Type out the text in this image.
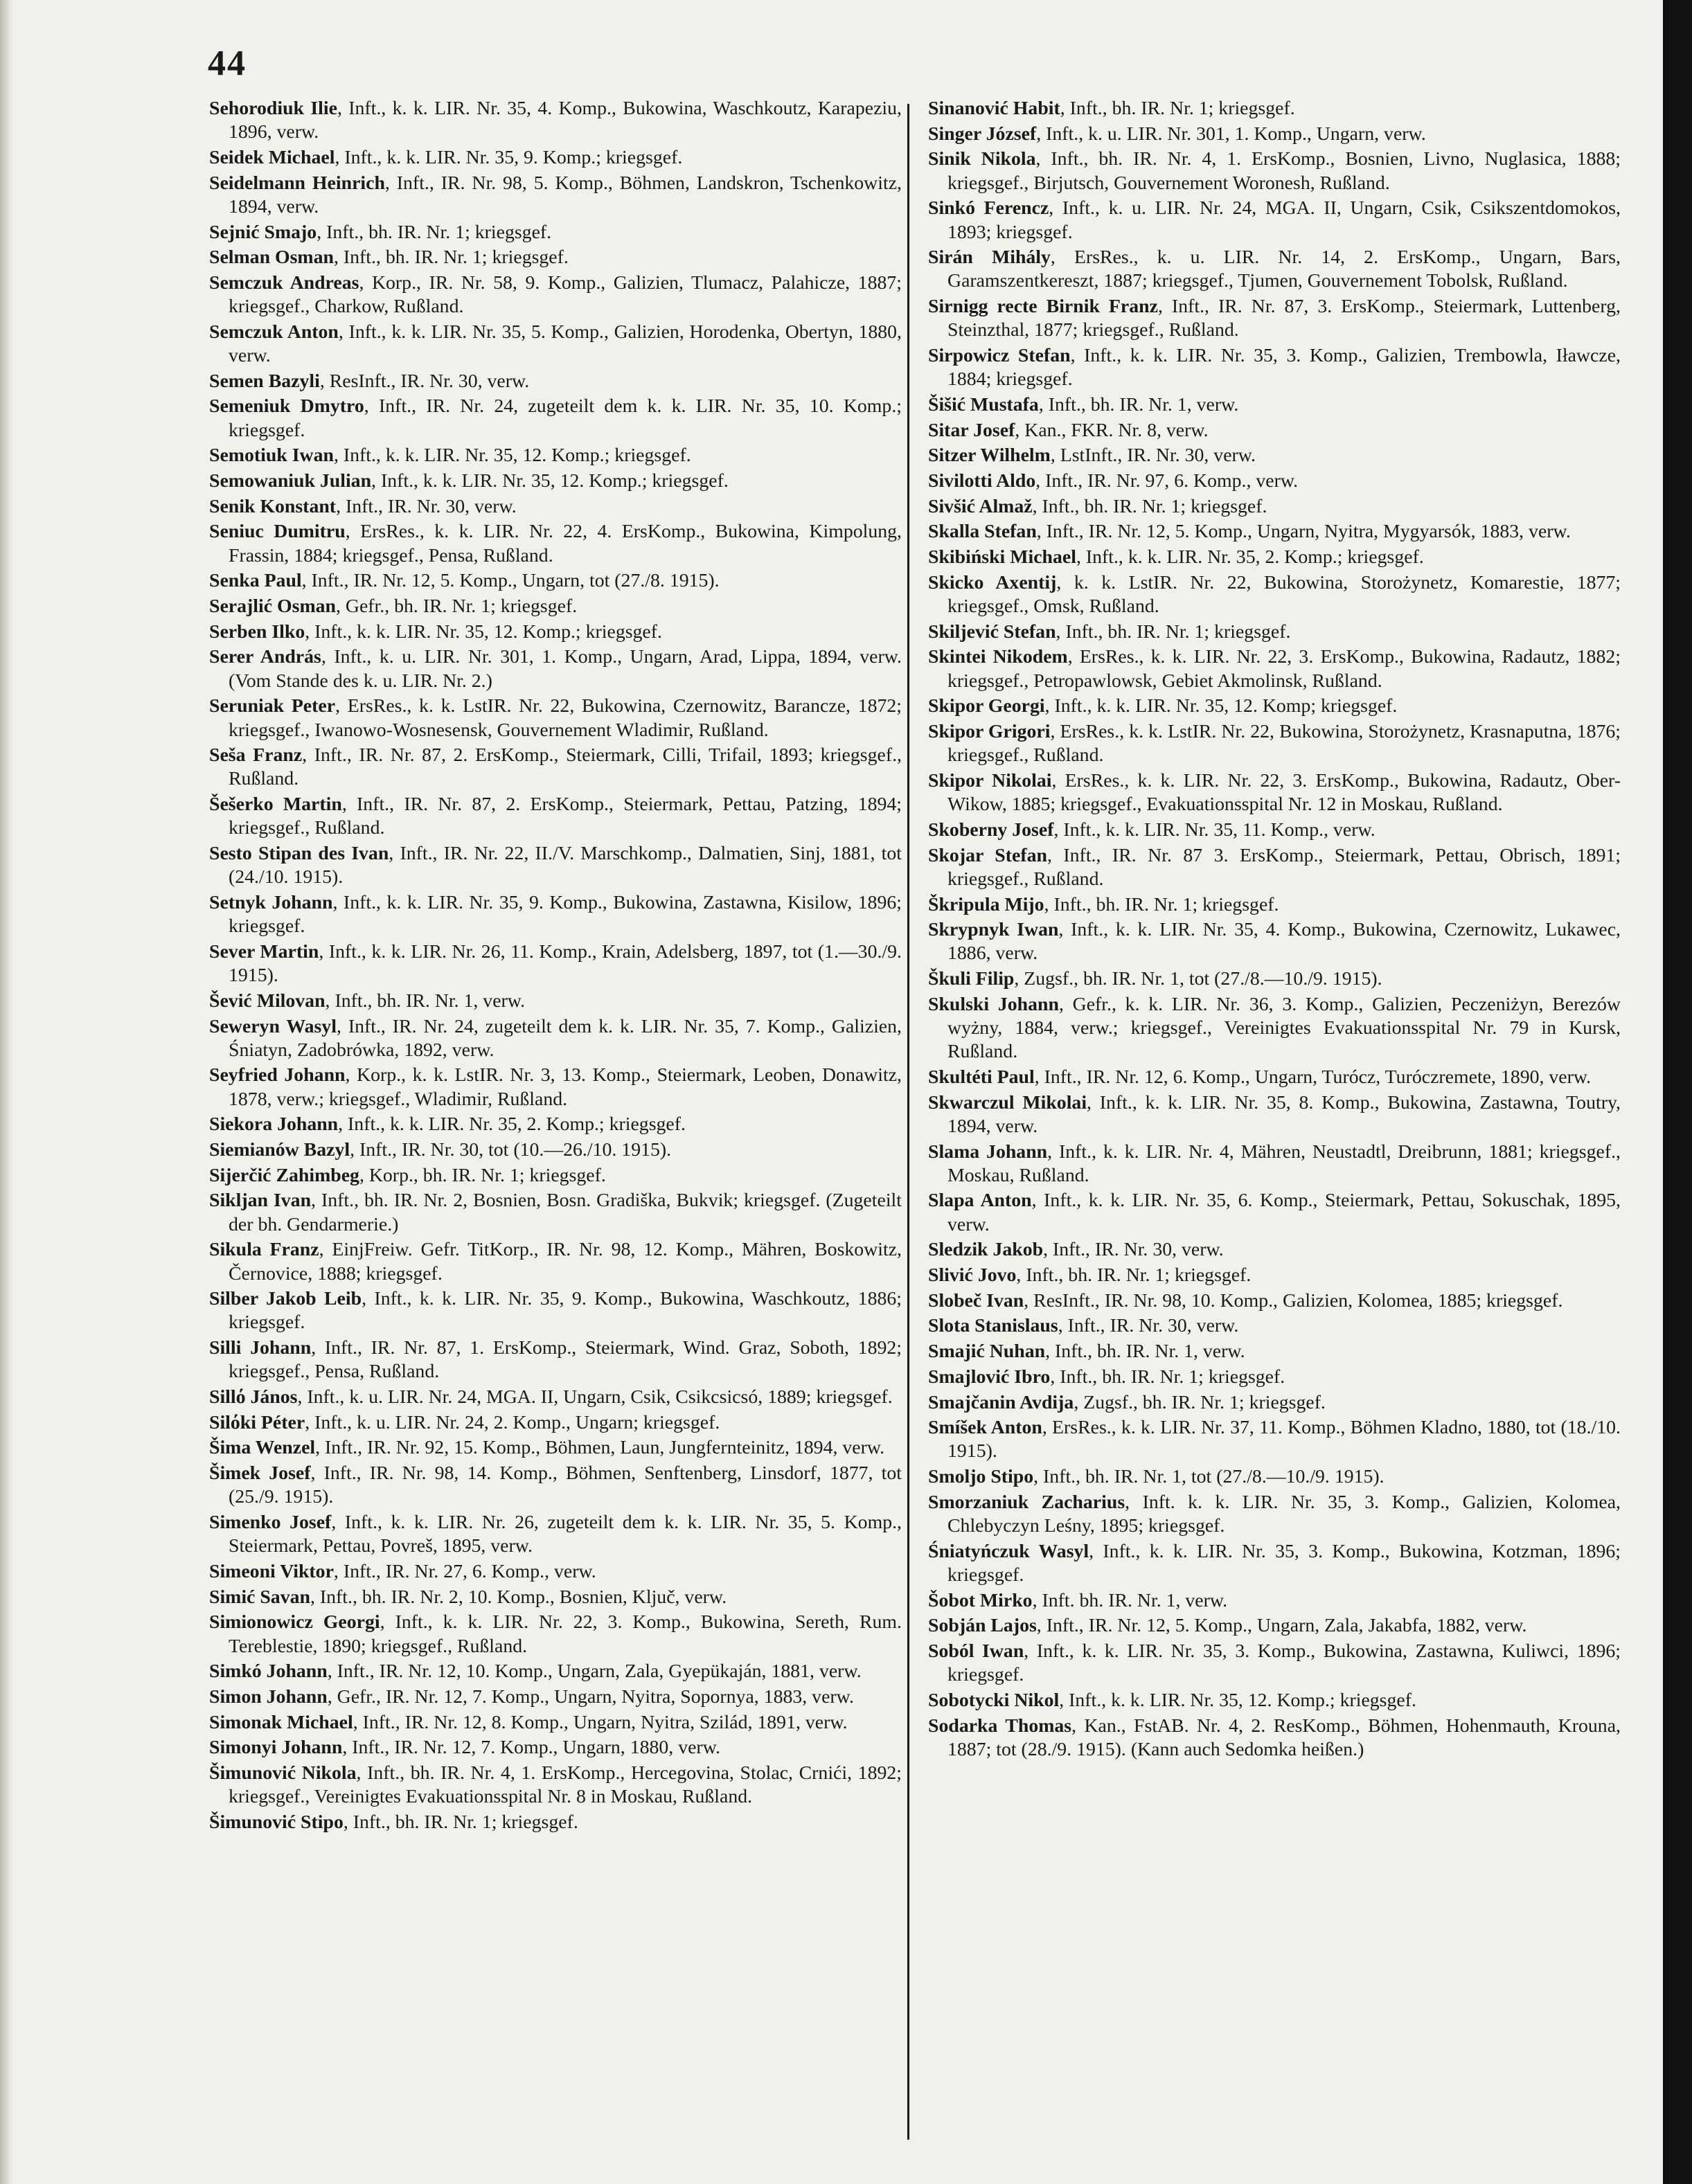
44

Sehorodiuk Ilie, Inft., k. k. LIR. Nr. 35, 4. Komp., Bukowina, Waschkoutz, Karapeziu, 1896, verw.

Seidek Michael, Inft., k. k. LIR. Nr. 35, 9. Komp.; kriegsgef.

Seidelmann Heinrich, Inft., IR. Nr. 98, 5. Komp., Böhmen, Landskron, Tschenkowitz, 1894, verw.

Sejnić Smajo, Inft., bh. IR. Nr. 1; kriegsgef.

Selman Osman, Inft., bh. IR. Nr. 1; kriegsgef.

Semczuk Andreas, Korp., IR. Nr. 58, 9. Komp., Galizien, Tlumacz, Palahicze, 1887; kriegsgef., Charkow, Rußland.

Semczuk Anton, Inft., k. k. LIR. Nr. 35, 5. Komp., Galizien, Horodenka, Obertyn, 1880, verw.

Semen Bazyli, ResInft., IR. Nr. 30, verw.

Semeniuk Dmytro, Inft., IR. Nr. 24, zugeteilt dem k. k. LIR. Nr. 35, 10. Komp.; kriegsgef.

Semotiuk Iwan, Inft., k. k. LIR. Nr. 35, 12. Komp.; kriegsgef.

Semowaniuk Julian, Inft., k. k. LIR. Nr. 35, 12. Komp.; kriegsgef.

Senik Konstant, Inft., IR. Nr. 30, verw.

Seniuc Dumitru, ErsRes., k. k. LIR. Nr. 22, 4. ErsKomp., Bukowina, Kimpolung, Frassin, 1884; kriegsgef., Pensa, Rußland.

Senka Paul, Inft., IR. Nr. 12, 5. Komp., Ungarn, tot (27./8. 1915).

Serajlić Osman, Gefr., bh. IR. Nr. 1; kriegsgef.

Serben Ilko, Inft., k. k. LIR. Nr. 35, 12. Komp.; kriegsgef.

Serer András, Inft., k. u. LIR. Nr. 301, 1. Komp., Ungarn, Arad, Lippa, 1894, verw. (Vom Stande des k. u. LIR. Nr. 2.)

Seruniak Peter, ErsRes., k. k. LstIR. Nr. 22, Bukowina, Czernowitz, Barancze, 1872; kriegsgef., Iwanowo-Wosnesensk, Gouvernement Wladimir, Rußland.

Seša Franz, Inft., IR. Nr. 87, 2. ErsKomp., Steiermark, Cilli, Trifail, 1893; kriegsgef., Rußland.

Šešerko Martin, Inft., IR. Nr. 87, 2. ErsKomp., Steiermark, Pettau, Patzing, 1894; kriegsgef., Rußland.

Sesto Stipan des Ivan, Inft., IR. Nr. 22, II./V. Marschkomp., Dalmatien, Sinj, 1881, tot (24./10. 1915).

Setnyk Johann, Inft., k. k. LIR. Nr. 35, 9. Komp., Bukowina, Zastawna, Kisilow, 1896; kriegsgef.

Sever Martin, Inft., k. k. LIR. Nr. 26, 11. Komp., Krain, Adelsberg, 1897, tot (1.—30./9. 1915).

Šević Milovan, Inft., bh. IR. Nr. 1, verw.

Seweryn Wasyl, Inft., IR. Nr. 24, zugeteilt dem k. k. LIR. Nr. 35, 7. Komp., Galizien, Śniatyn, Zadobrówka, 1892, verw.

Seyfried Johann, Korp., k. k. LstIR. Nr. 3, 13. Komp., Steiermark, Leoben, Donawitz, 1878, verw.; kriegsgef., Wladimir, Rußland.

Siekora Johann, Inft., k. k. LIR. Nr. 35, 2. Komp.; kriegsgef.

Siemianów Bazyl, Inft., IR. Nr. 30, tot (10.—26./10. 1915).

Sijerčić Zahimbeg, Korp., bh. IR. Nr. 1; kriegsgef.

Sikljan Ivan, Inft., bh. IR. Nr. 2, Bosnien, Bosn. Gradiška, Bukvik; kriegsgef. (Zugeteilt der bh. Gendarmerie.)

Sikula Franz, EinjFreiw. Gefr. TitKorp., IR. Nr. 98, 12. Komp., Mähren, Boskowitz, Černovice, 1888; kriegsgef.

Silber Jakob Leib, Inft., k. k. LIR. Nr. 35, 9. Komp., Bukowina, Waschkoutz, 1886; kriegsgef.

Silli Johann, Inft., IR. Nr. 87, 1. ErsKomp., Steiermark, Wind. Graz, Soboth, 1892; kriegsgef., Pensa, Rußland.

Sillό János, Inft., k. u. LIR. Nr. 24, MGA. II, Ungarn, Csik, Csikcsicsó, 1889; kriegsgef.

Silόki Péter, Inft., k. u. LIR. Nr. 24, 2. Komp., Ungarn; kriegsgef.

Šima Wenzel, Inft., IR. Nr. 92, 15. Komp., Böhmen, Laun, Jungfernteinitz, 1894, verw.

Šimek Josef, Inft., IR. Nr. 98, 14. Komp., Böhmen, Senftenberg, Linsdorf, 1877, tot (25./9. 1915).

Simenko Josef, Inft., k. k. LIR. Nr. 26, zugeteilt dem k. k. LIR. Nr. 35, 5. Komp., Steiermark, Pettau, Povreš, 1895, verw.

Simeoni Viktor, Inft., IR. Nr. 27, 6. Komp., verw.

Simić Savan, Inft., bh. IR. Nr. 2, 10. Komp., Bosnien, Ključ, verw.

Simionowicz Georgi, Inft., k. k. LIR. Nr. 22, 3. Komp., Bukowina, Sereth, Rum. Tereblestie, 1890; kriegsgef., Rußland.

Simkó Johann, Inft., IR. Nr. 12, 10. Komp., Ungarn, Zala, Gyepükaján, 1881, verw.

Simon Johann, Gefr., IR. Nr. 12, 7. Komp., Ungarn, Nyitra, Sopornya, 1883, verw.

Simonak Michael, Inft., IR. Nr. 12, 8. Komp., Ungarn, Nyitra, Szilád, 1891, verw.

Simonyi Johann, Inft., IR. Nr. 12, 7. Komp., Ungarn, 1880, verw.

Šimunović Nikola, Inft., bh. IR. Nr. 4, 1. ErsKomp., Hercegovina, Stolac, Crnići, 1892; kriegsgef., Vereinigtes Evakuationsspital Nr. 8 in Moskau, Rußland.

Šimunović Stipo, Inft., bh. IR. Nr. 1; kriegsgef.

Sinanović Habit, Inft., bh. IR. Nr. 1; kriegsgef.

Singer József, Inft., k. u. LIR. Nr. 301, 1. Komp., Ungarn, verw.

Sinik Nikola, Inft., bh. IR. Nr. 4, 1. ErsKomp., Bosnien, Livno, Nuglasica, 1888; kriegsgef., Birjutsch, Gouvernement Woronesh, Rußland.

Sinkó Ferencz, Inft., k. u. LIR. Nr. 24, MGA. II, Ungarn, Csik, Csikszentdomokos, 1893; kriegsgef.

Sirán Mihály, ErsRes., k. u. LIR. Nr. 14, 2. ErsKomp., Ungarn, Bars, Garamszentkereszt, 1887; kriegsgef., Tjumen, Gouvernement Tobolsk, Rußland.

Sirnigg recte Birnik Franz, Inft., IR. Nr. 87, 3. ErsKomp., Steiermark, Luttenberg, Steinzthal, 1877; kriegsgef., Rußland.

Sirpowicz Stefan, Inft., k. k. LIR. Nr. 35, 3. Komp., Galizien, Trembowla, Iławcze, 1884; kriegsgef.

Šišić Mustafa, Inft., bh. IR. Nr. 1, verw.

Sitar Josef, Kan., FKR. Nr. 8, verw.

Sitzer Wilhelm, LstInft., IR. Nr. 30, verw.

Sivilotti Aldo, Inft., IR. Nr. 97, 6. Komp., verw.

Sivšić Almaž, Inft., bh. IR. Nr. 1; kriegsgef.

Skalla Stefan, Inft., IR. Nr. 12, 5. Komp., Ungarn, Nyitra, Mygyarsók, 1883, verw.

Skibiński Michael, Inft., k. k. LIR. Nr. 35, 2. Komp.; kriegsgef.

Skicko Axentij, k. k. LstIR. Nr. 22, Bukowina, Storożynetz, Komarestie, 1877; kriegsgef., Omsk, Rußland.

Skiljević Stefan, Inft., bh. IR. Nr. 1; kriegsgef.

Skintei Nikodem, ErsRes., k. k. LIR. Nr. 22, 3. ErsKomp., Bukowina, Radautz, 1882; kriegsgef., Petropawlowsk, Gebiet Akmolinsk, Rußland.

Skipor Georgi, Inft., k. k. LIR. Nr. 35, 12. Komp; kriegsgef.

Skipor Grigori, ErsRes., k. k. LstIR. Nr. 22, Bukowina, Storożynetz, Krasnaputna, 1876; kriegsgef., Rußland.

Skipor Nikolai, ErsRes., k. k. LIR. Nr. 22, 3. ErsKomp., Bukowina, Radautz, Ober-Wikow, 1885; kriegsgef., Evakuationsspital Nr. 12 in Moskau, Rußland.

Skoberny Josef, Inft., k. k. LIR. Nr. 35, 11. Komp., verw.

Skojar Stefan, Inft., IR. Nr. 87 3. ErsKomp., Steiermark, Pettau, Obrisch, 1891; kriegsgef., Rußland.

Škripula Mijo, Inft., bh. IR. Nr. 1; kriegsgef.

Skrypnyk Iwan, Inft., k. k. LIR. Nr. 35, 4. Komp., Bukowina, Czernowitz, Lukawec, 1886, verw.

Škuli Filip, Zugsf., bh. IR. Nr. 1, tot (27./8.—10./9. 1915).

Skulski Johann, Gefr., k. k. LIR. Nr. 36, 3. Komp., Galizien, Peczeniżyn, Berezów wyżny, 1884, verw.; kriegsgef., Vereinigtes Evakuationsspital Nr. 79 in Kursk, Rußland.

Skultéti Paul, Inft., IR. Nr. 12, 6. Komp., Ungarn, Turócz, Turóczremete, 1890, verw.

Skwarczul Mikolai, Inft., k. k. LIR. Nr. 35, 8. Komp., Bukowina, Zastawna, Toutry, 1894, verw.

Slama Johann, Inft., k. k. LIR. Nr. 4, Mähren, Neustadtl, Dreibrunn, 1881; kriegsgef., Moskau, Rußland.

Slapa Anton, Inft., k. k. LIR. Nr. 35, 6. Komp., Steiermark, Pettau, Sokuschak, 1895, verw.

Sledzik Jakob, Inft., IR. Nr. 30, verw.

Slivić Jovo, Inft., bh. IR. Nr. 1; kriegsgef.

Slobeč Ivan, ResInft., IR. Nr. 98, 10. Komp., Galizien, Kolomea, 1885; kriegsgef.

Slota Stanislaus, Inft., IR. Nr. 30, verw.

Smajić Nuhan, Inft., bh. IR. Nr. 1, verw.

Smajlović Ibro, Inft., bh. IR. Nr. 1; kriegsgef.

Smajčanin Avdija, Zugsf., bh. IR. Nr. 1; kriegsgef.

Smíšek Anton, ErsRes., k. k. LIR. Nr. 37, 11. Komp., Böhmen Kladno, 1880, tot (18./10. 1915).

Smoljo Stipo, Inft., bh. IR. Nr. 1, tot (27./8.—10./9. 1915).

Smorzaniuk Zacharius, Inft. k. k. LIR. Nr. 35, 3. Komp., Galizien, Kolomea, Chlebyczyn Leśny, 1895; kriegsgef.

Śniatyńczuk Wasyl, Inft., k. k. LIR. Nr. 35, 3. Komp., Bukowina, Kotzman, 1896; kriegsgef.

Šobot Mirko, Inft. bh. IR. Nr. 1, verw.

Sobján Lajos, Inft., IR. Nr. 12, 5. Komp., Ungarn, Zala, Jakabfa, 1882, verw.

Soból Iwan, Inft., k. k. LIR. Nr. 35, 3. Komp., Bukowina, Zastawna, Kuliwci, 1896; kriegsgef.

Sobotycki Nikol, Inft., k. k. LIR. Nr. 35, 12. Komp.; kriegsgef.

Sodarka Thomas, Kan., FstAB. Nr. 4, 2. ResKomp., Böhmen, Hohenmauth, Krouna, 1887; tot (28./9. 1915). (Kann auch Sedomka heißen.)
